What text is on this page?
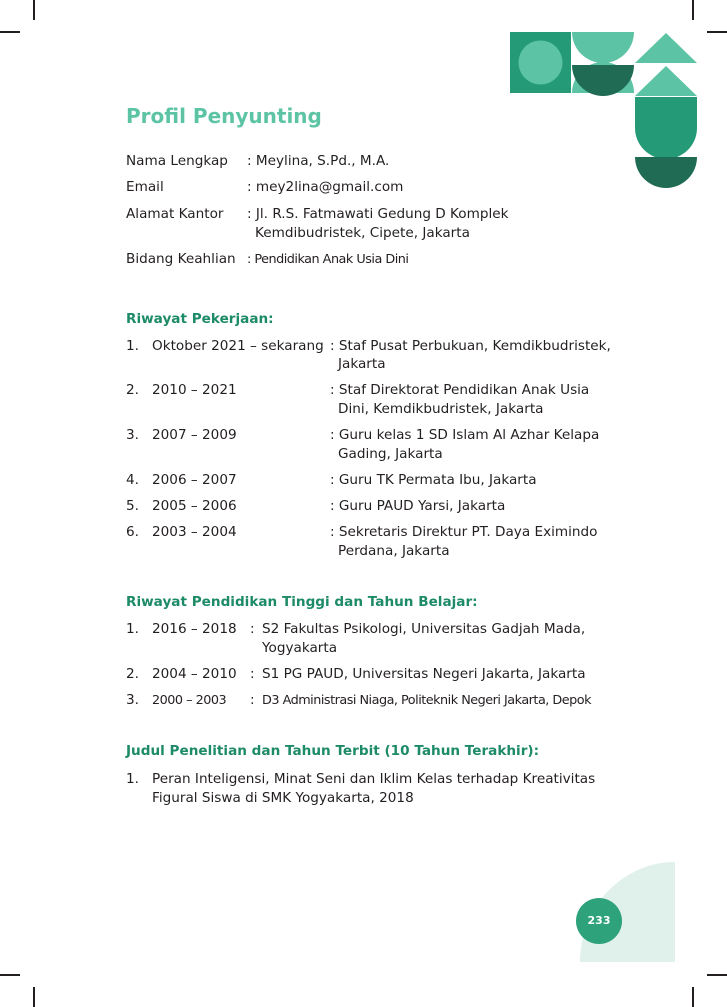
233
Profil Penyunting
Nama Lengkap : Meylina, S.Pd., M.A.
Email	: mey2lina@gmail.com
Alamat Kantor : Jl. R.S. Fatmawati Gedung D Komplek
Kemdibudristek, Cipete, Jakarta
Bidang Keahlian : Pendidikan Anak Usia Dini
Riwayat Pekerjaan:
1. Oktober 2021 – sekarang : Staf Pusat Perbukuan, Kemdikbudristek,
Jakarta
2. 2010 – 2021	: Staf Direktorat Pendidikan Anak Usia
Dini, Kemdikbudristek, Jakarta
3. 2007 – 2009	: Guru kelas 1 SD Islam Al Azhar Kelapa
Gading, Jakarta
4. 2006 – 2007	: Guru TK Permata Ibu, Jakarta
5. 2005 – 2006	: Guru PAUD Yarsi, Jakarta
6. 2003 – 2004	: Sekretaris Direktur PT. Daya Eximindo
Perdana, Jakarta
Riwayat Pendidikan Tinggi dan Tahun Belajar:
1. 2016 – 2018 : S2 Fakultas Psikologi, Universitas Gadjah Mada,
Yogyakarta
2. 2004 – 2010 : S1 PG PAUD, Universitas Negeri Jakarta, Jakarta
3. 2000 – 2003 : D3 Administrasi Niaga, Politeknik Negeri Jakarta, Depok
Judul Penelitian dan Tahun Terbit (10 Tahun Terakhir):
1. Peran Inteligensi, Minat Seni dan Iklim Kelas terhadap Kreativitas
Figural Siswa di SMK Yogyakarta, 2018
